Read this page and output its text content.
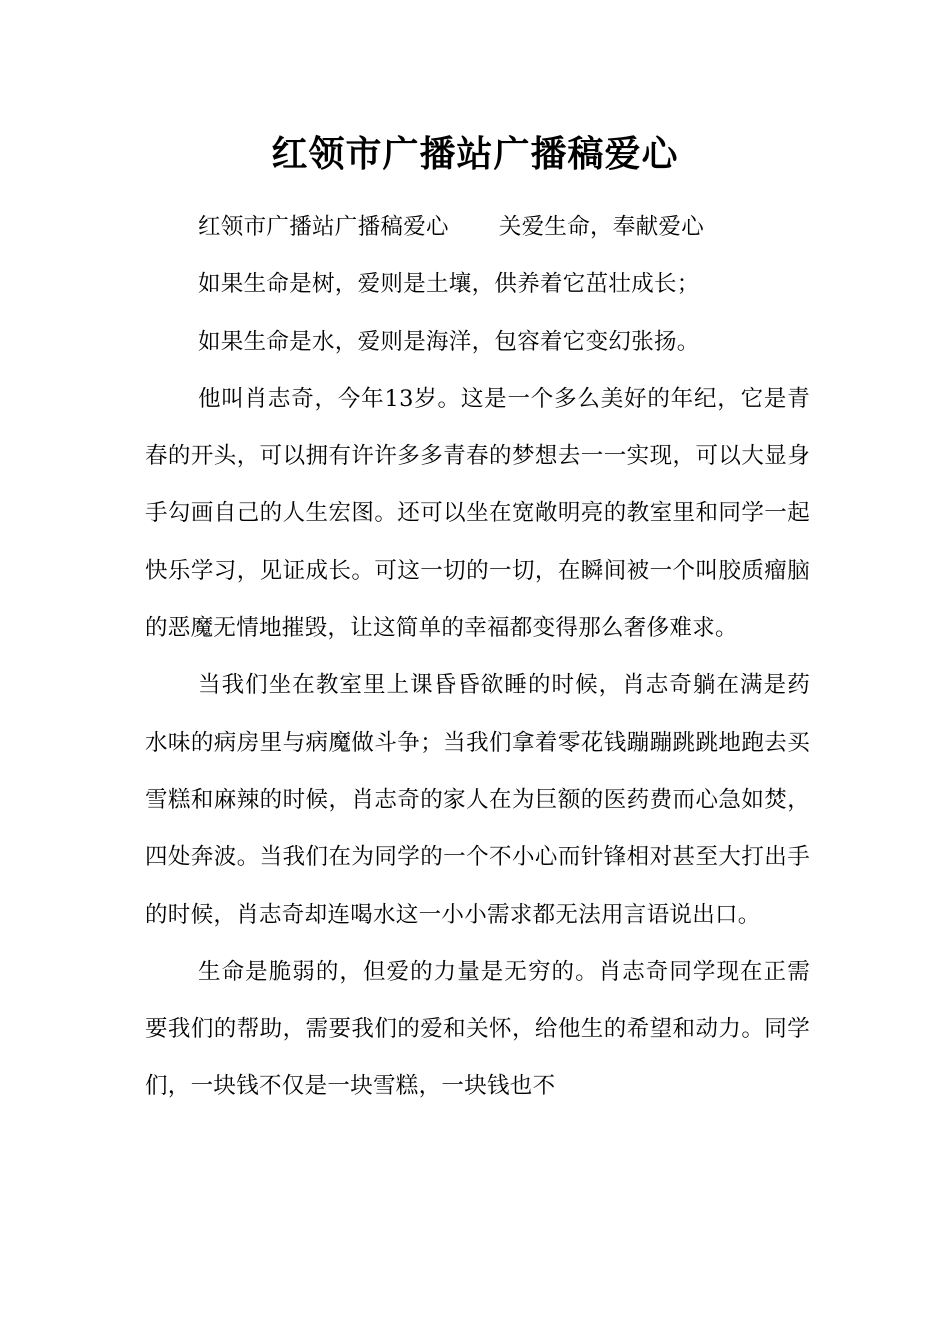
红领市广播站广播稿爱心

红领市广播站广播稿爱心 关爱生命，奉献爱心

如果生命是树，爱则是土壤，供养着它茁壮成长；

如果生命是水，爱则是海洋，包容着它变幻张扬。

他叫肖志奇，今年13岁。这是一个多么美好的年纪，它是青春的开头，可以拥有许许多多青春的梦想去一一实现，可以大显身手勾画自己的人生宏图。还可以坐在宽敞明亮的教室里和同学一起快乐学习，见证成长。可这一切的一切，在瞬间被一个叫胶质瘤脑的恶魔无情地摧毁，让这简单的幸福都变得那么奢侈难求。

当我们坐在教室里上课昏昏欲睡的时候，肖志奇躺在满是药水味的病房里与病魔做斗争；当我们拿着零花钱蹦蹦跳跳地跑去买雪糕和麻辣的时候，肖志奇的家人在为巨额的医药费而心急如焚，四处奔波。当我们在为同学的一个不小心而针锋相对甚至大打出手的时候，肖志奇却连喝水这一小小需求都无法用言语说出口。

生命是脆弱的，但爱的力量是无穷的。肖志奇同学现在正需要我们的帮助，需要我们的爱和关怀，给他生的希望和动力。同学们，一块钱不仅是一块雪糕，一块钱也不
